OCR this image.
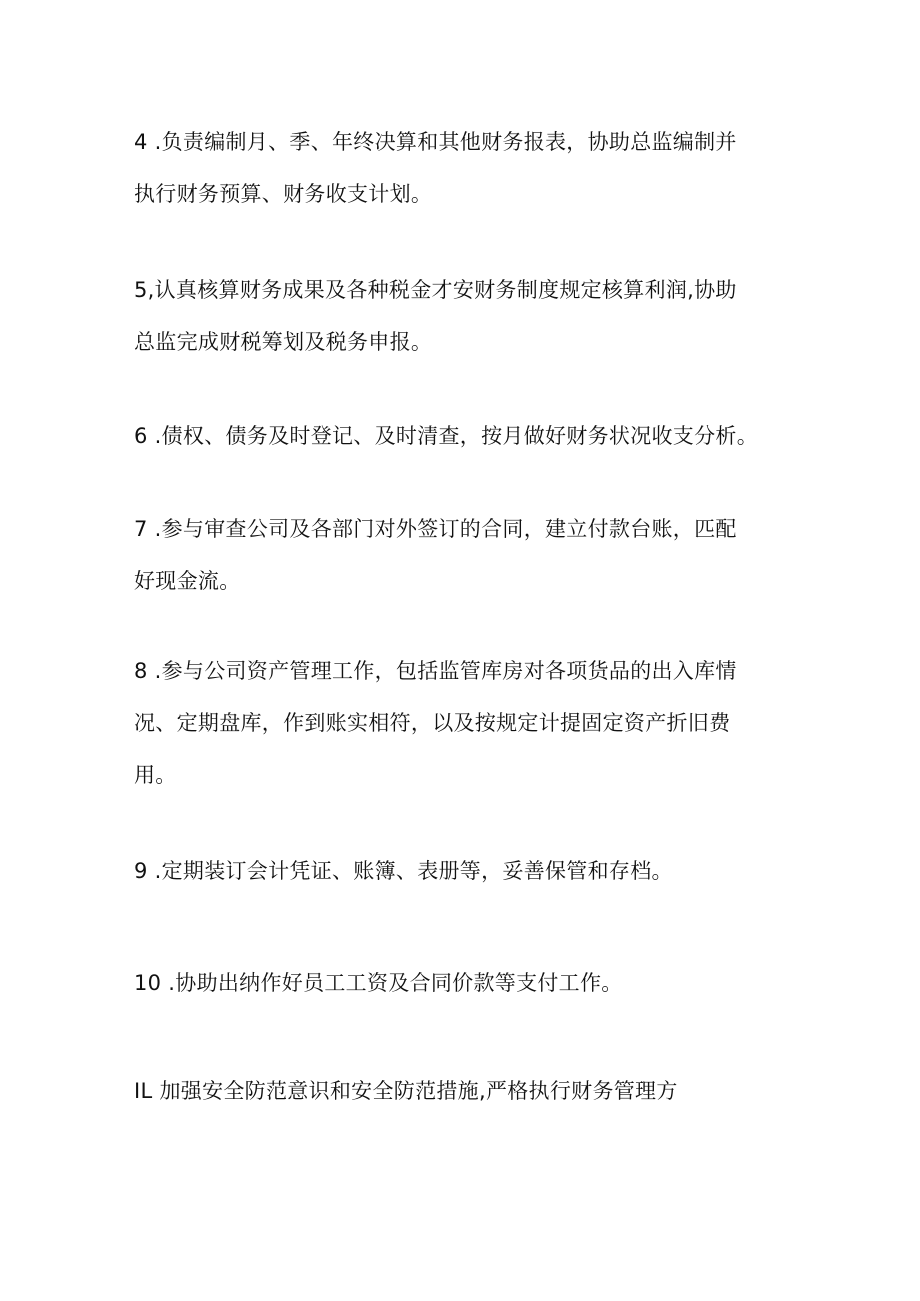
4 .负责编制月、季、年终决算和其他财务报表，协助总监编制并
执行财务预算、财务收支计划。

5,认真核算财务成果及各种税金才安财务制度规定核算利润,协助
总监完成财税筹划及税务申报。

6 .债权、债务及时登记、及时清查，按月做好财务状况收支分析。

7 .参与审查公司及各部门对外签订的合同，建立付款台账，匹配
好现金流。

8 .参与公司资产管理工作，包括监管库房对各项货品的出入库情
况、定期盘库，作到账实相符，以及按规定计提固定资产折旧费
用。

9 .定期装订会计凭证、账簿、表册等，妥善保管和存档。

10 .协助出纳作好员工工资及合同价款等支付工作。

IL 加强安全防范意识和安全防范措施,严格执行财务管理方
